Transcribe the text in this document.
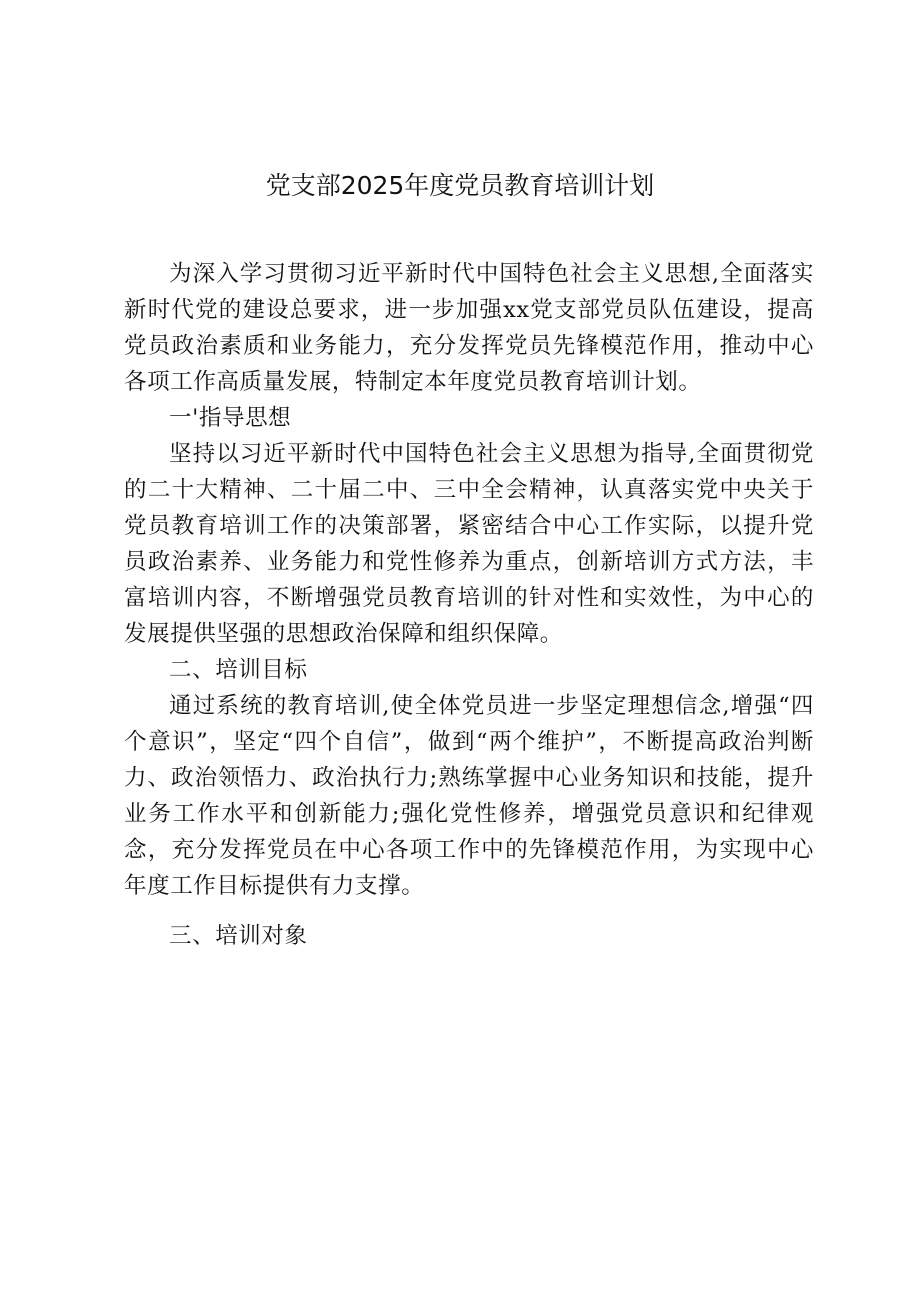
党支部2025年度党员教育培训计划

为深入学习贯彻习近平新时代中国特色社会主义思想,全面落实新时代党的建设总要求，进一步加强xx党支部党员队伍建设，提高党员政治素质和业务能力，充分发挥党员先锋模范作用，推动中心各项工作高质量发展，特制定本年度党员教育培训计划。

一'指导思想

坚持以习近平新时代中国特色社会主义思想为指导,全面贯彻党的二十大精神、二十届二中、三中全会精神，认真落实党中央关于党员教育培训工作的决策部署，紧密结合中心工作实际，以提升党员政治素养、业务能力和党性修养为重点，创新培训方式方法，丰富培训内容，不断增强党员教育培训的针对性和实效性，为中心的发展提供坚强的思想政治保障和组织保障。

二、培训目标

通过系统的教育培训,使全体党员进一步坚定理想信念,增强“四个意识”，坚定“四个自信”，做到“两个维护”，不断提高政治判断力、政治领悟力、政治执行力;熟练掌握中心业务知识和技能，提升业务工作水平和创新能力;强化党性修养，增强党员意识和纪律观念，充分发挥党员在中心各项工作中的先锋模范作用，为实现中心年度工作目标提供有力支撑。

三、培训对象
